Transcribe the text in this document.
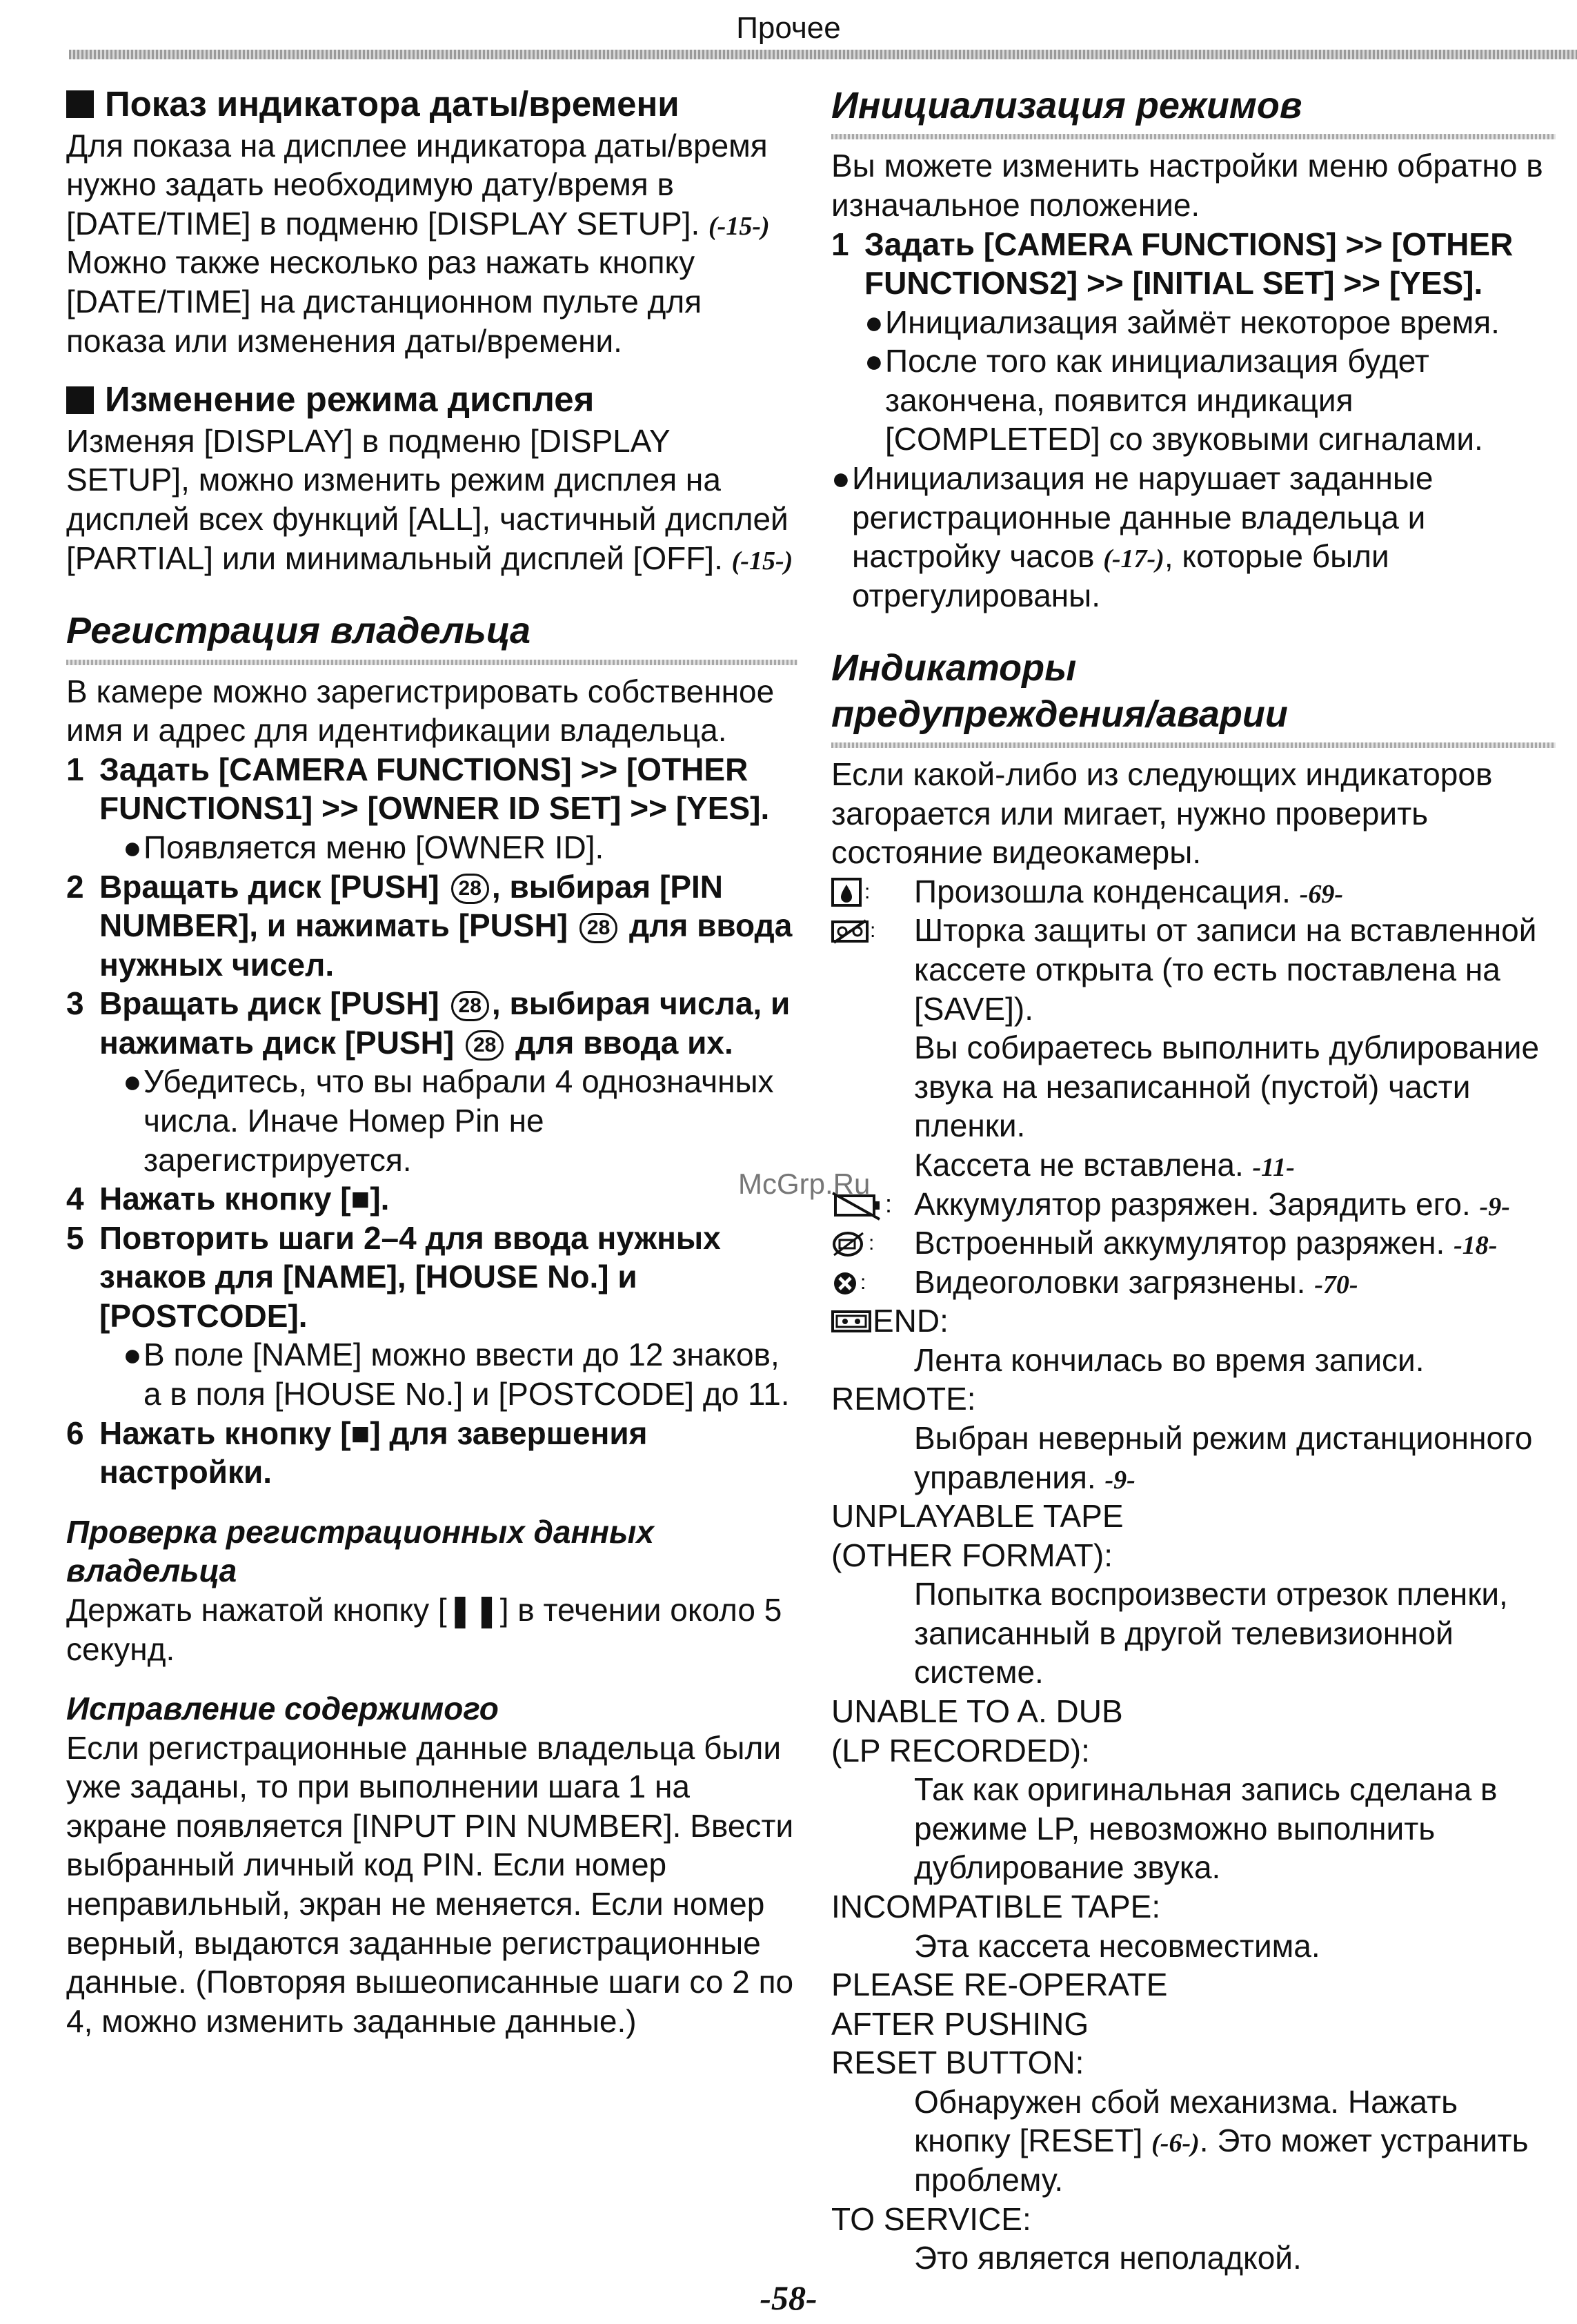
Прочее
Показ индикатора даты/времени

Для показа на дисплее индикатора даты/время нужно задать необходимую дату/время в [DATE/TIME] в подменю [DISPLAY SETUP]. (-15-)
Можно также несколько раз нажать кнопку [DATE/TIME] на дистанционном пульте для показа или изменения даты/времени.

Изменение режима дисплея

Изменяя [DISPLAY] в подменю [DISPLAY SETUP], можно изменить режим дисплея на дисплей всех функций [ALL], частичный дисплей [PARTIAL] или минимальный дисплей [OFF]. (-15-)

Регистрация владельца

В камере можно зарегистрировать собственное имя и адрес для идентификации владельца.

1 Задать [CAMERA FUNCTIONS] >> [OTHER FUNCTIONS1] >> [OWNER ID SET] >> [YES].
● Появляется меню [OWNER ID].
2 Вращать диск [PUSH] 28 , выбирая [PIN NUMBER], и нажимать [PUSH] 28 для ввода нужных чисел.
3 Вращать диск [PUSH] 28 , выбирая числа, и нажимать диск [PUSH] 28 для ввода их.
● Убедитесь, что вы набрали 4 однозначных числа. Иначе Номер Pin не зарегистрируется.
4 Нажать кнопку [■].
5 Повторить шаги 2–4 для ввода нужных знаков для [NAME], [HOUSE No.] и [POSTCODE].
● В поле [NAME] можно ввести до 12 знаков, а в поля [HOUSE No.] и [POSTCODE] до 11.
6 Нажать кнопку [■] для завершения настройки.
Проверка регистрационных данных владельца

Держать нажатой кнопку [❚❚] в течении около 5 секунд.

Исправление содержимого

Если регистрационные данные владельца были уже заданы, то при выполнении шага 1 на экране появляется [INPUT PIN NUMBER]. Ввести выбранный личный код PIN. Если номер неправильный, экран не меняется. Если номер верный, выдаются заданные регистрационные данные. (Повторяя вышеописанные шаги со 2 по 4, можно изменить заданные данные.)

Инициализация режимов

Вы можете изменить настройки меню обратно в изначальное положение.

1 Задать [CAMERA FUNCTIONS] >> [OTHER FUNCTIONS2] >> [INITIAL SET] >> [YES].
● Инициализация займёт некоторое время.
● После того как инициализация будет закончена, появится индикация [COMPLETED] со звуковыми сигналами.
● Инициализация не нарушает заданные регистрационные данные владельца и настройку часов (-17-), которые были отрегулированы.
Индикаторы
предупреждения/аварии

Если какой-либо из следующих индикаторов загорается или мигает, нужно проверить состояние видеокамеры.

: Произошла конденсация. -69-
: Шторка защиты от записи на вставленной кассете открыта (то есть поставлена на [SAVE]).
Вы собираетесь выполнить дублирование звука на незаписанной (пустой) части пленки.
Кассета не вставлена. -11-
: Аккумулятор разряжен. Зарядить его. -9-
: Встроенный аккумулятор разряжен. -18-
: Видеоголовки загрязнены. -70-
END:

Лента кончилась во время записи.

REMOTE:

Выбран неверный режим дистанционного управления. -9-

UNPLAYABLE TAPE
(OTHER FORMAT):

Попытка воспроизвести отрезок пленки, записанный в другой телевизионной системе.

UNABLE TO A. DUB
(LP RECORDED):

Так как оригинальная запись сделана в режиме LP, невозможно выполнить дублирование звука.

INCOMPATIBLE TAPE:

Эта кассета несовместима.

PLEASE RE-OPERATE
AFTER PUSHING
RESET BUTTON:

Обнаружен сбой механизма. Нажать кнопку [RESET] (-6-). Это может устранить проблему.

TO SERVICE:

Это является неполадкой.

McGrp.Ru
-58-
